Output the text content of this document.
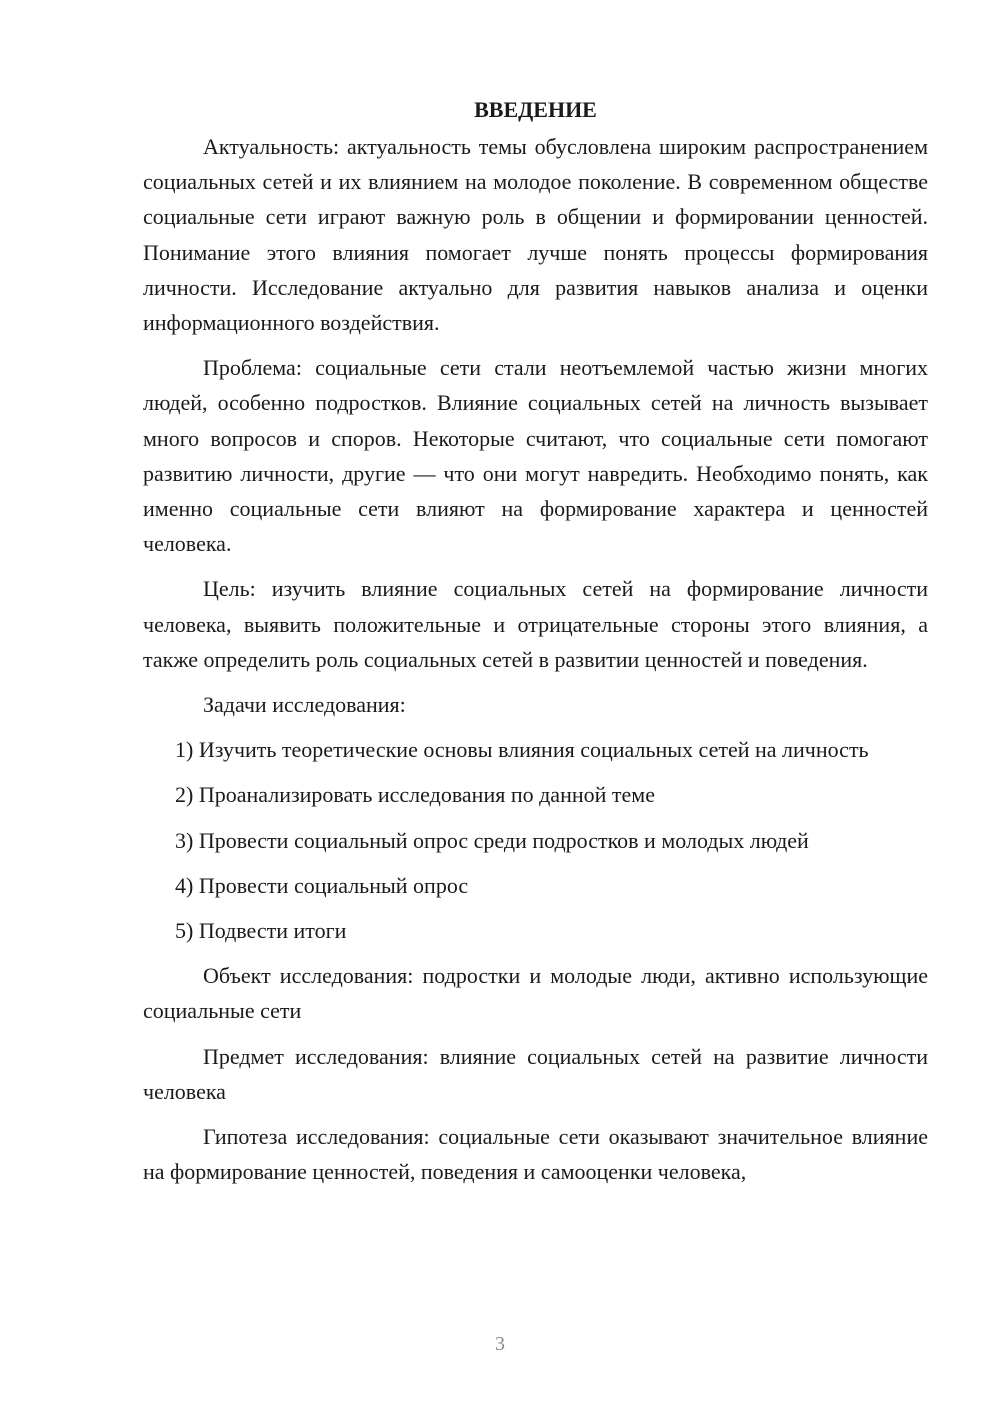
ВВЕДЕНИЕ

Актуальность: актуальность темы обусловлена широким распространением социальных сетей и их влиянием на молодое поколение. В современном обществе социальные сети играют важную роль в общении и формировании ценностей. Понимание этого влияния помогает лучше понять процессы формирования личности. Исследование актуально для развития навыков анализа и оценки информационного воздействия.

Проблема: социальные сети стали неотъемлемой частью жизни многих людей, особенно подростков. Влияние социальных сетей на личность вызывает много вопросов и споров. Некоторые считают, что социальные сети помогают развитию личности, другие — что они могут навредить. Необходимо понять, как именно социальные сети влияют на формирование характера и ценностей человека.

Цель: изучить влияние социальных сетей на формирование личности человека, выявить положительные и отрицательные стороны этого влияния, а также определить роль социальных сетей в развитии ценностей и поведения.

Задачи исследования:

1) Изучить теоретические основы влияния социальных сетей на личность

2) Проанализировать исследования по данной теме

3) Провести социальный опрос среди подростков и молодых людей

4) Провести социальный опрос

5) Подвести итоги

Объект исследования: подростки и молодые люди, активно использующие социальные сети

Предмет исследования: влияние социальных сетей на развитие личности человека

Гипотеза исследования: социальные сети оказывают значительное влияние на формирование ценностей, поведения и самооценки человека,

3
